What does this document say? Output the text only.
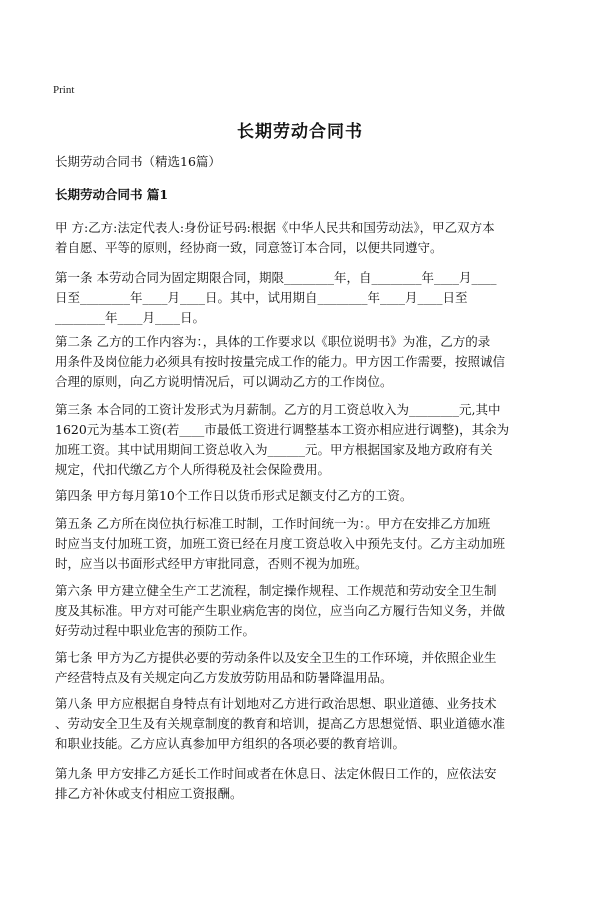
Print
长期劳动合同书
长期劳动合同书（精选16篇）
长期劳动合同书 篇1

甲 方:乙方:法定代表人:身份证号码:根据《中华人民共和国劳动法》，甲乙双方本
着自愿、平等的原则，经协商一致，同意签订本合同，以便共同遵守。

第一条 本劳动合同为固定期限合同，期限________年，自________年____月____
日至________年____月____日。其中，试用期自________年____月____日至
________年____月____日。

第二条 乙方的工作内容为：，具体的工作要求以《职位说明书》为准，乙方的录
用条件及岗位能力必须具有按时按量完成工作的能力。甲方因工作需要，按照诚信
合理的原则，向乙方说明情况后，可以调动乙方的工作岗位。

第三条 本合同的工资计发形式为月薪制。乙方的月工资总收入为________元,其中
1620元为基本工资(若____市最低工资进行调整基本工资亦相应进行调整)，其余为
加班工资。其中试用期间工资总收入为______元。甲方根据国家及地方政府有关
规定，代扣代缴乙方个人所得税及社会保险费用。

第四条 甲方每月第10个工作日以货币形式足额支付乙方的工资。

第五条 乙方所在岗位执行标准工时制，工作时间统一为：。甲方在安排乙方加班
时应当支付加班工资，加班工资已经在月度工资总收入中预先支付。乙方主动加班
时，应当以书面形式经甲方审批同意，否则不视为加班。

第六条 甲方建立健全生产工艺流程，制定操作规程、工作规范和劳动安全卫生制
度及其标准。甲方对可能产生职业病危害的岗位，应当向乙方履行告知义务，并做
好劳动过程中职业危害的预防工作。

第七条 甲方为乙方提供必要的劳动条件以及安全卫生的工作环境，并依照企业生
产经营特点及有关规定向乙方发放劳防用品和防暑降温用品。

第八条 甲方应根据自身特点有计划地对乙方进行政治思想、职业道德、业务技术
、劳动安全卫生及有关规章制度的教育和培训，提高乙方思想觉悟、职业道德水准
和职业技能。乙方应认真参加甲方组织的各项必要的教育培训。

第九条 甲方安排乙方延长工作时间或者在休息日、法定休假日工作的，应依法安
排乙方补休或支付相应工资报酬。
